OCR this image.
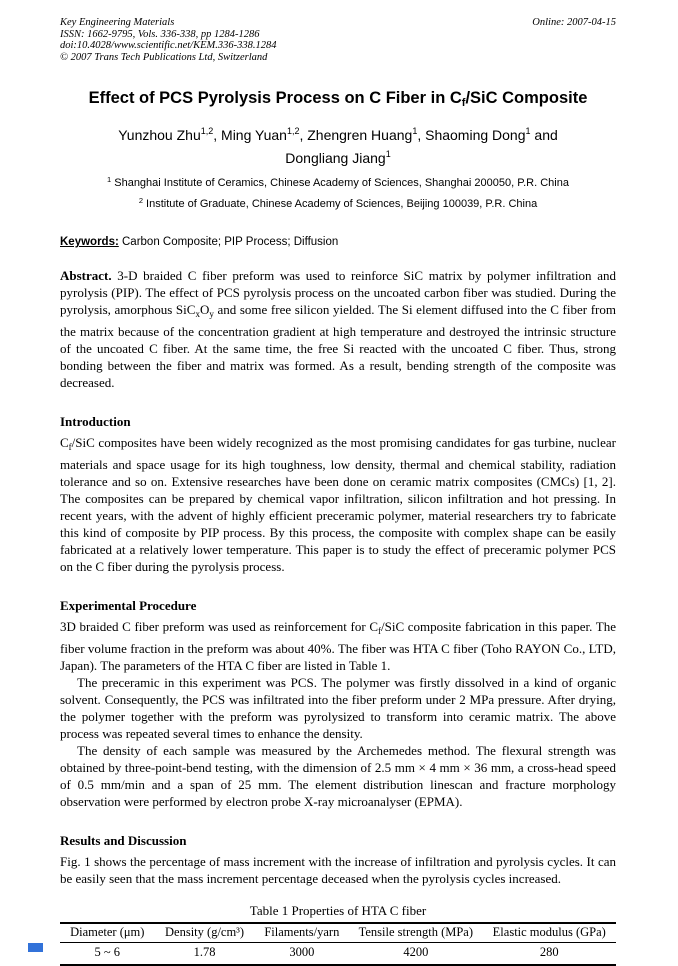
Key Engineering Materials
ISSN: 1662-9795, Vols. 336-338, pp 1284-1286
doi:10.4028/www.scientific.net/KEM.336-338.1284
© 2007 Trans Tech Publications Ltd, Switzerland
Online: 2007-04-15
Effect of PCS Pyrolysis Process on C Fiber in $C_f$/SiC Composite
Yunzhou Zhu$^{1,2}$, Ming Yuan$^{1,2}$, Zhengren Huang$^1$, Shaoming Dong$^1$ and
Dongliang Jiang$^1$
$^1$ Shanghai Institute of Ceramics, Chinese Academy of Sciences, Shanghai 200050, P.R. China
$^2$ Institute of Graduate, Chinese Academy of Sciences, Beijing 100039, P.R. China
Keywords: Carbon Composite; PIP Process; Diffusion

Abstract. 3-D braided C fiber preform was used to reinforce SiC matrix by polymer infiltration and pyrolysis (PIP). The effect of PCS pyrolysis process on the uncoated carbon fiber was studied. During the pyrolysis, amorphous $SiC_xO_y$ and some free silicon yielded. The Si element diffused into the C fiber from the matrix because of the concentration gradient at high temperature and destroyed the intrinsic structure of the uncoated C fiber. At the same time, the free Si reacted with the uncoated C fiber. Thus, strong bonding between the fiber and matrix was formed. As a result, bending strength of the composite was decreased.

Introduction

$C_f$/SiC composites have been widely recognized as the most promising candidates for gas turbine, nuclear materials and space usage for its high toughness, low density, thermal and chemical stability, radiation tolerance and so on. Extensive researches have been done on ceramic matrix composites (CMCs) [1, 2]. The composites can be prepared by chemical vapor infiltration, silicon infiltration and hot pressing. In recent years, with the advent of highly efficient preceramic polymer, material researchers try to fabricate this kind of composite by PIP process. By this process, the composite with complex shape can be easily fabricated at a relatively lower temperature. This paper is to study the effect of preceramic polymer PCS on the C fiber during the pyrolysis process.

Experimental Procedure

3D braided C fiber preform was used as reinforcement for $C_f$/SiC composite fabrication in this paper. The fiber volume fraction in the preform was about 40%. The fiber was HTA C fiber (Toho RAYON Co., LTD, Japan). The parameters of the HTA C fiber are listed in Table 1.

The preceramic in this experiment was PCS. The polymer was firstly dissolved in a kind of organic solvent. Consequently, the PCS was infiltrated into the fiber preform under 2 MPa pressure. After drying, the polymer together with the preform was pyrolysized to transform into ceramic matrix. The above process was repeated several times to enhance the density.

The density of each sample was measured by the Archemedes method. The flexural strength was obtained by three-point-bend testing, with the dimension of 2.5 mm × 4 mm × 36 mm, a cross-head speed of 0.5 mm/min and a span of 25 mm. The element distribution linescan and fracture morphology observation were performed by electron probe X-ray microanalyser (EPMA).

Results and Discussion

Fig. 1 shows the percentage of mass increment with the increase of infiltration and pyrolysis cycles. It can be easily seen that the mass increment percentage deceased when the pyrolysis cycles increased.

Table 1 Properties of HTA C fiber
Diameter (μm)	Density (g/cm³)	Filaments/yarn	Tensile strength (MPa)	Elastic modulus (GPa)
5 ~ 6	1.78	3000	4200	280
